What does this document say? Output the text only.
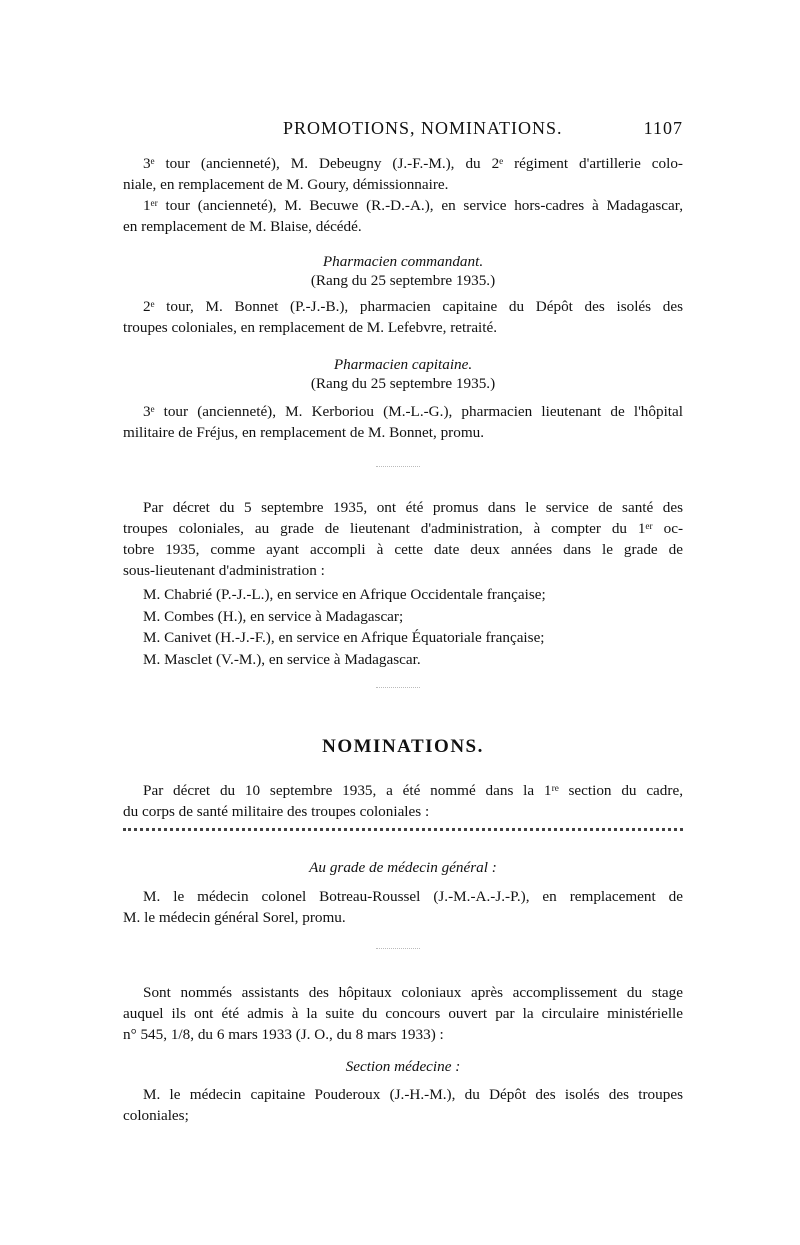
PROMOTIONS, NOMINATIONS.	1107

3ᵉ tour (ancienneté), M. Debeugny (J.-F.-M.), du 2ᵉ régiment d'artillerie colo-
niale, en remplacement de M. Goury, démissionnaire.

1ᵉʳ tour (ancienneté), M. Becuwe (R.-D.-A.), en service hors-cadres à Madagascar,
en remplacement de M. Blaise, décédé.

Pharmacien commandant.

(Rang du 25 septembre 1935.)

2ᵉ tour, M. Bonnet (P.-J.-B.), pharmacien capitaine du Dépôt des isolés des
troupes coloniales, en remplacement de M. Lefebvre, retraité.

Pharmacien capitaine.

(Rang du 25 septembre 1935.)

3ᵉ tour (ancienneté), M. Kerboriou (M.-L.-G.), pharmacien lieutenant de l'hôpital
militaire de Fréjus, en remplacement de M. Bonnet, promu.

Par décret du 5 septembre 1935, ont été promus dans le service de santé des
troupes coloniales, au grade de lieutenant d'administration, à compter du 1ᵉʳ oc-
tobre 1935, comme ayant accompli à cette date deux années dans le grade de
sous-lieutenant d'administration :

M. Chabrié (P.-J.-L.), en service en Afrique Occidentale française;
M. Combes (H.), en service à Madagascar;
M. Canivet (H.-J.-F.), en service en Afrique Équatoriale française;
M. Masclet (V.-M.), en service à Madagascar.
NOMINATIONS.

Par décret du 10 septembre 1935, a été nommé dans la 1ʳᵉ section du cadre,
du corps de santé militaire des troupes coloniales :

Au grade de médecin général :

M. le médecin colonel Botreau-Roussel (J.-M.-A.-J.-P.), en remplacement de
M. le médecin général Sorel, promu.

Sont nommés assistants des hôpitaux coloniaux après accomplissement du stage
auquel ils ont été admis à la suite du concours ouvert par la circulaire ministérielle
n° 545, 1/8, du 6 mars 1933 (J. O., du 8 mars 1933) :

Section médecine :

M. le médecin capitaine Pouderoux (J.-H.-M.), du Dépôt des isolés des troupes
coloniales;
